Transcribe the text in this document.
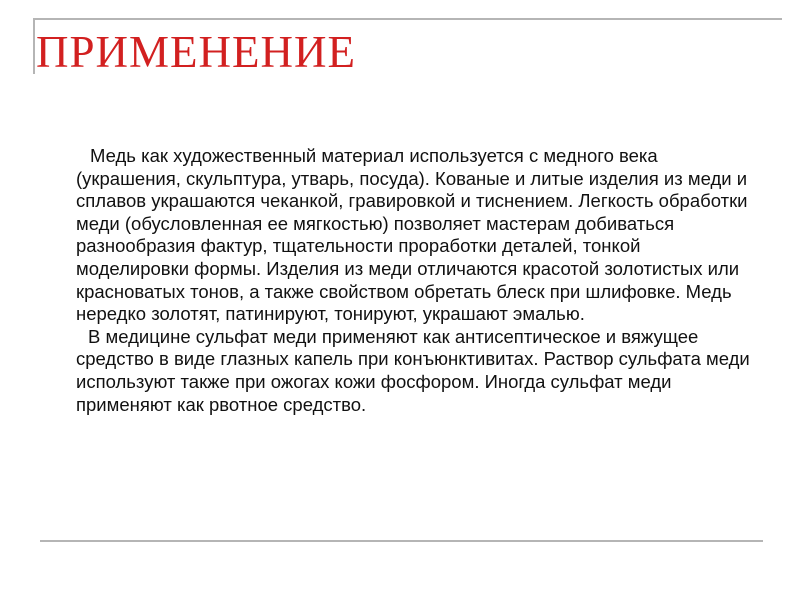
ПРИМЕНЕНИЕ

Медь как художественный материал используется с медного века (украшения, скульптура, утварь, посуда). Кованые и литые изделия из меди и сплавов украшаются чеканкой, гравировкой и тиснением. Легкость обработки меди (обусловленная ее мягкостью) позволяет мастерам добиваться разнообразия фактур, тщательности проработки деталей, тонкой моделировки формы. Изделия из меди отличаются красотой золотистых или красноватых тонов, а также свойством обретать блеск при шлифовке. Медь нередко золотят, патинируют, тонируют, украшают эмалью.

В медицине сульфат меди применяют как антисептическое и вяжущее средство в виде глазных капель при конъюнктивитах. Раствор сульфата меди используют также при ожогах кожи фосфором. Иногда сульфат меди применяют как рвотное средство.
